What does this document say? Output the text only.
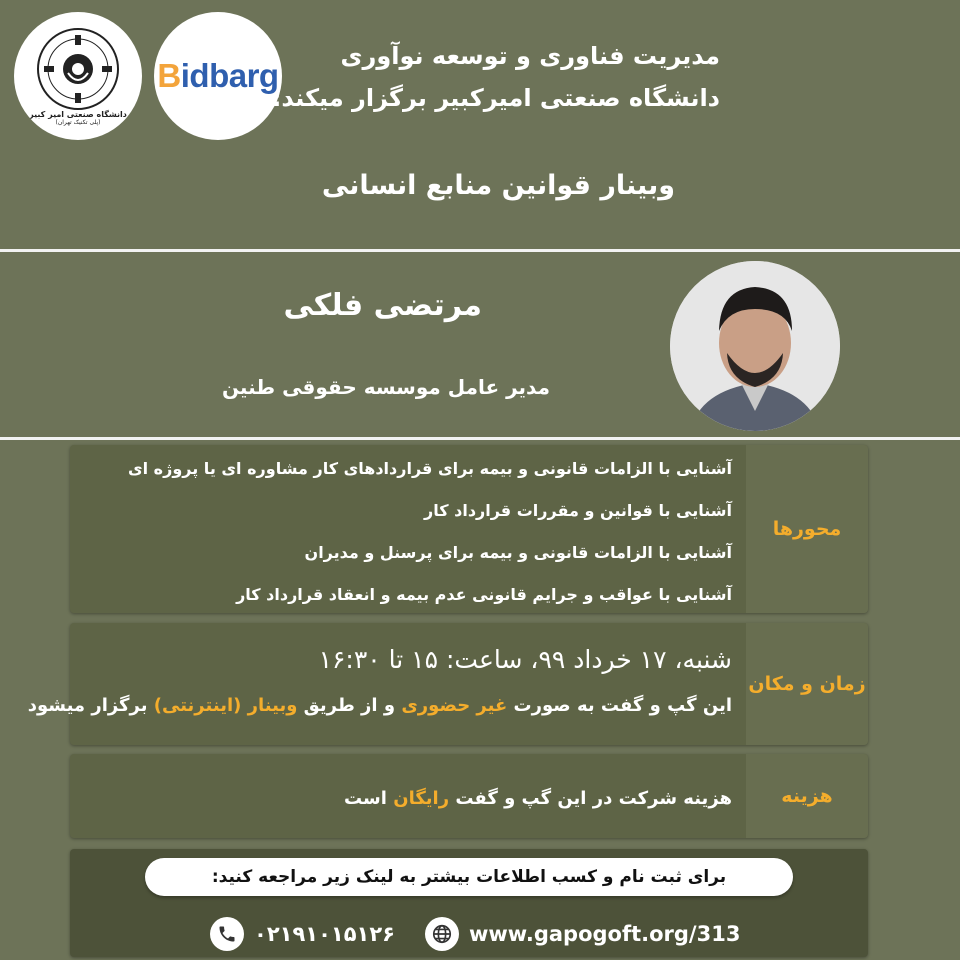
دانشگاه صنعتی امیر کبیر
(پلی تکنیک تهران)
Bidbarg
مدیریت فناوری و توسعه نوآوری
دانشگاه صنعتی امیرکبیر برگزار میکند:
وبینار قوانین منابع انسانی
مرتضی فلکی
مدیر عامل موسسه حقوقی طنین
محورها
آشنایی با الزامات قانونی و بیمه برای قراردادهای کار مشاوره ای یا پروژه ای
آشنایی با قوانین و مقررات قرارداد کار
آشنایی با الزامات قانونی و بیمه برای پرسنل و مدیران
آشنایی با عواقب و جرایم قانونی عدم بیمه و انعقاد قرارداد کار
زمان و مکان
شنبه، ۱۷ خرداد ۹۹، ساعت: ۱۵ تا ۱۶:۳۰
این گپ و گفت به صورت غیر حضوری و از طریق وبینار (اینترنتی) برگزار میشود
هزینه
هزینه شرکت در این گپ و گفت رایگان است
برای ثبت نام و کسب اطلاعات بیشتر به لینک زیر مراجعه کنید:
۰۲۱۹۱۰۱۵۱۲۶	www.gapogoft.org/313
